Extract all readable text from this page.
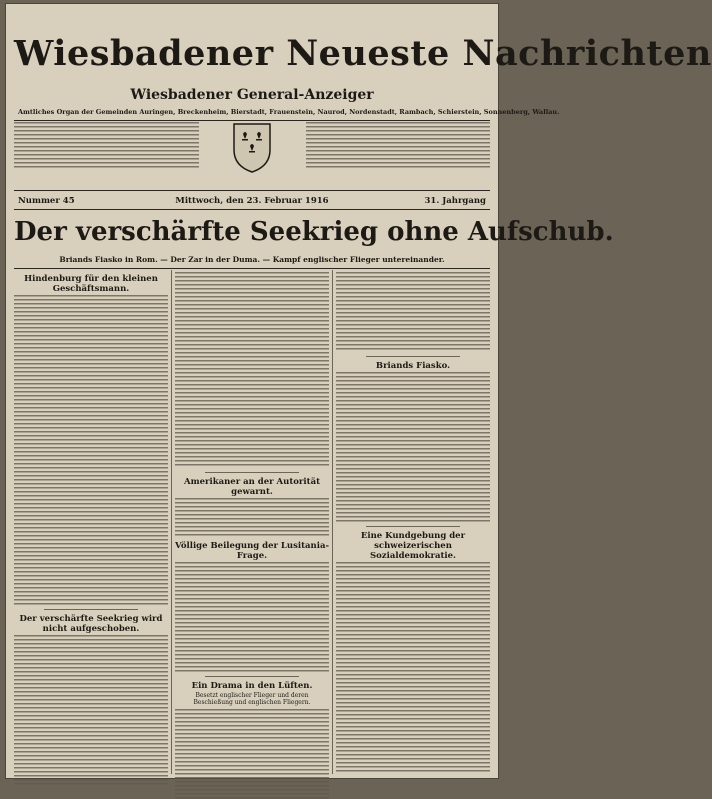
Wiesbadener Neueste Nachrichten
Wiesbadener General-Anzeiger
Amtliches Organ der Gemeinden Auringen, Breckenheim, Bierstadt, Frauenstein, Naurod, Nordenstadt, Rambach, Schierstein, Sonnenberg, Wallau.
Nummer 45	Mittwoch, den 23. Februar 1916	31. Jahrgang
Der verschärfte Seekrieg ohne Aufschub.
Briands Fiasko in Rom. — Der Zar in der Duma. — Kampf englischer Flieger untereinander.
Hindenburg für den kleinen Geschäftsmann.
Der verschärfte Seekrieg wird nicht aufgeschoben.
Amerikaner an der Autorität gewarnt.
Völlige Beilegung der Lusitania-Frage.
Ein Drama in den Lüften.
Besetzt englischer Flieger und deren Beschießung und englischen Fliegern.
Briands Fiasko.
Eine Kundgebung der schweizerischen Sozialdemokratie.
